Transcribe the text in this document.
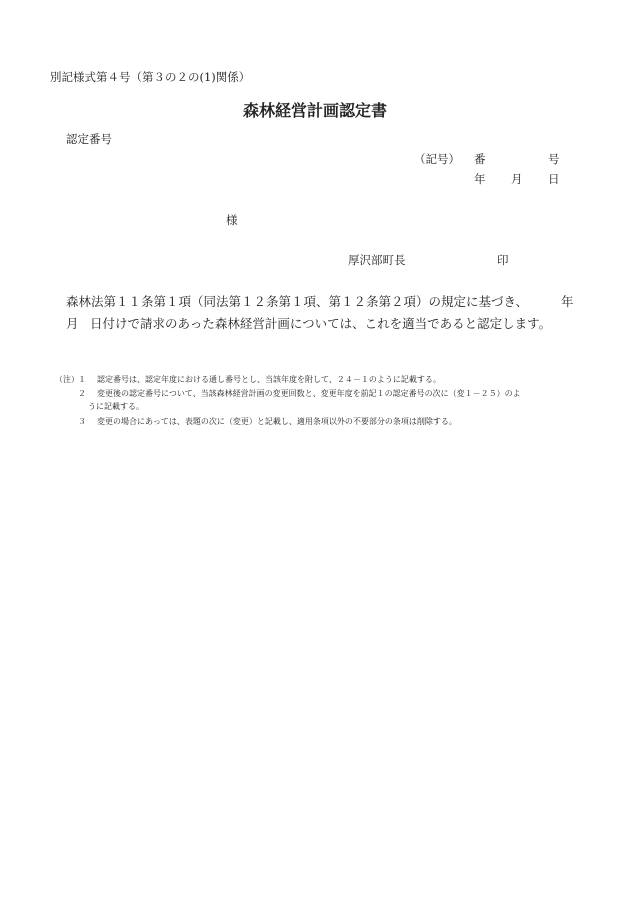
別記様式第４号（第３の２の(1)関係）
森林経営計画認定書
認定番号
（記号） 番	号
年 月 日
様
厚沢部町長	印
森林法第１１条第１項（同法第１２条第１項、第１２条第２項）の規定に基づき、	年
月 日付けで請求のあった森林経営計画については、これを適当であると認定します。
（注） １ 認定番号は、認定年度における通し番号とし、当該年度を附して、２４－１のように記載する。
２ 変更後の認定番号について、当該森林経営計画の変更回数と、変更年度を前記１の認定番号の次に（変１－２５）のよ
うに記載する。
３ 変更の場合にあっては、表題の次に（変更）と記載し、適用条項以外の不要部分の条項は削除する。
